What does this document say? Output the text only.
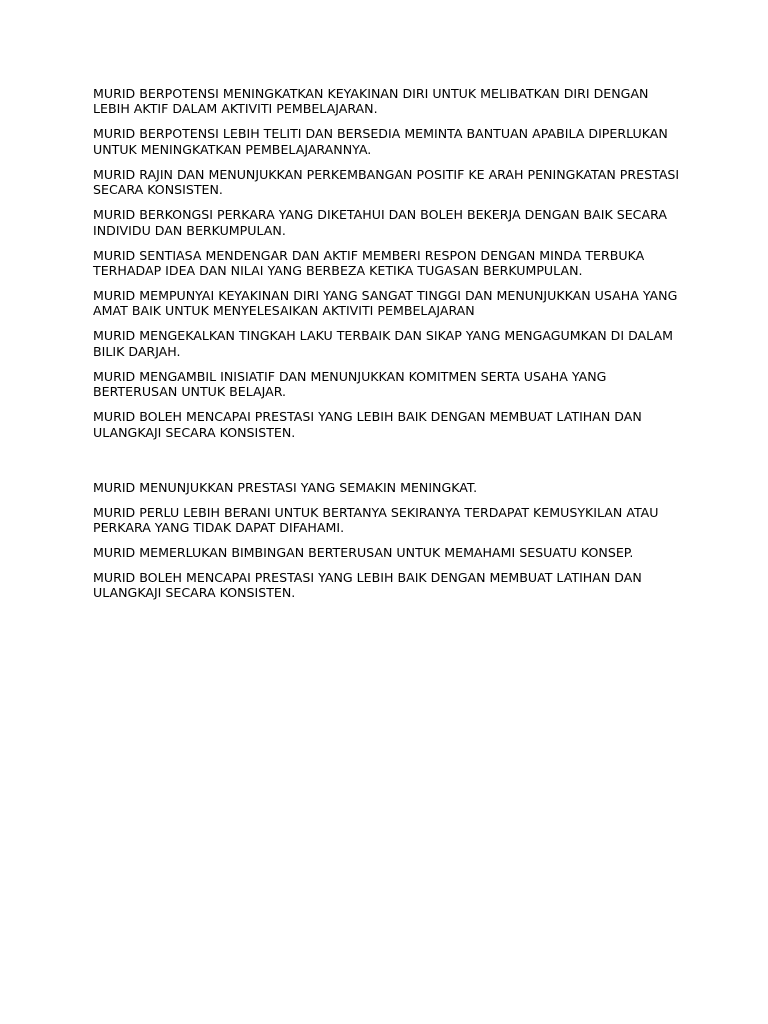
MURID BERPOTENSI MENINGKATKAN KEYAKINAN DIRI UNTUK MELIBATKAN DIRI DENGAN LEBIH AKTIF DALAM AKTIVITI PEMBELAJARAN.

MURID BERPOTENSI LEBIH TELITI DAN BERSEDIA MEMINTA BANTUAN APABILA DIPERLUKAN UNTUK MENINGKATKAN PEMBELAJARANNYA.

MURID RAJIN DAN MENUNJUKKAN PERKEMBANGAN POSITIF KE ARAH PENINGKATAN PRESTASI SECARA KONSISTEN.

MURID BERKONGSI PERKARA YANG DIKETAHUI DAN BOLEH BEKERJA DENGAN BAIK SECARA INDIVIDU DAN BERKUMPULAN.

MURID SENTIASA MENDENGAR DAN AKTIF MEMBERI RESPON DENGAN MINDA TERBUKA TERHADAP IDEA DAN NILAI YANG BERBEZA KETIKA TUGASAN BERKUMPULAN.

MURID MEMPUNYAI KEYAKINAN DIRI YANG SANGAT TINGGI DAN MENUNJUKKAN USAHA YANG AMAT BAIK UNTUK MENYELESAIKAN AKTIVITI PEMBELAJARAN

MURID MENGEKALKAN TINGKAH LAKU TERBAIK DAN SIKAP YANG MENGAGUMKAN DI DALAM BILIK DARJAH.

MURID MENGAMBIL INISIATIF DAN MENUNJUKKAN KOMITMEN SERTA USAHA YANG BERTERUSAN UNTUK BELAJAR.

MURID BOLEH MENCAPAI PRESTASI YANG LEBIH BAIK DENGAN MEMBUAT LATIHAN DAN ULANGKAJI SECARA KONSISTEN.

MURID MENUNJUKKAN PRESTASI YANG SEMAKIN MENINGKAT.

MURID PERLU LEBIH BERANI UNTUK BERTANYA SEKIRANYA TERDAPAT KEMUSYKILAN ATAU PERKARA YANG TIDAK DAPAT DIFAHAMI.

MURID MEMERLUKAN BIMBINGAN BERTERUSAN UNTUK MEMAHAMI SESUATU KONSEP.

MURID BOLEH MENCAPAI PRESTASI YANG LEBIH BAIK DENGAN MEMBUAT LATIHAN DAN ULANGKAJI SECARA KONSISTEN.
